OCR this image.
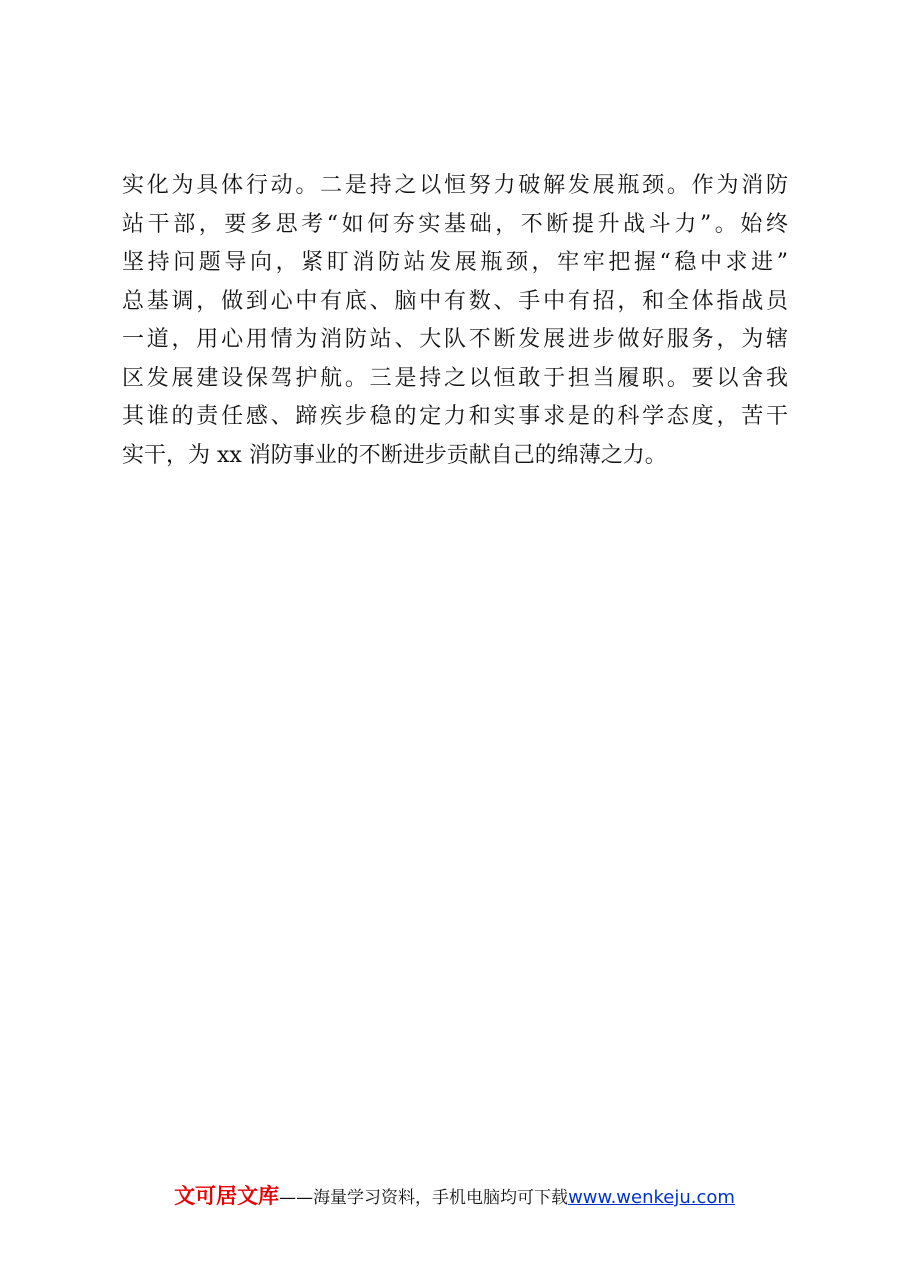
实化为具体行动。二是持之以恒努力破解发展瓶颈。作为消防
站干部，要多思考“如何夯实基础，不断提升战斗力”。始终
坚持问题导向，紧盯消防站发展瓶颈，牢牢把握“稳中求进”
总基调，做到心中有底、脑中有数、手中有招，和全体指战员
一道，用心用情为消防站、大队不断发展进步做好服务，为辖
区发展建设保驾护航。三是持之以恒敢于担当履职。要以舍我
其谁的责任感、蹄疾步稳的定力和实事求是的科学态度，苦干
实干，为 xx 消防事业的不断进步贡献自己的绵薄之力。
文可居文库——海量学习资料，手机电脑均可下载www.wenkeju.com
